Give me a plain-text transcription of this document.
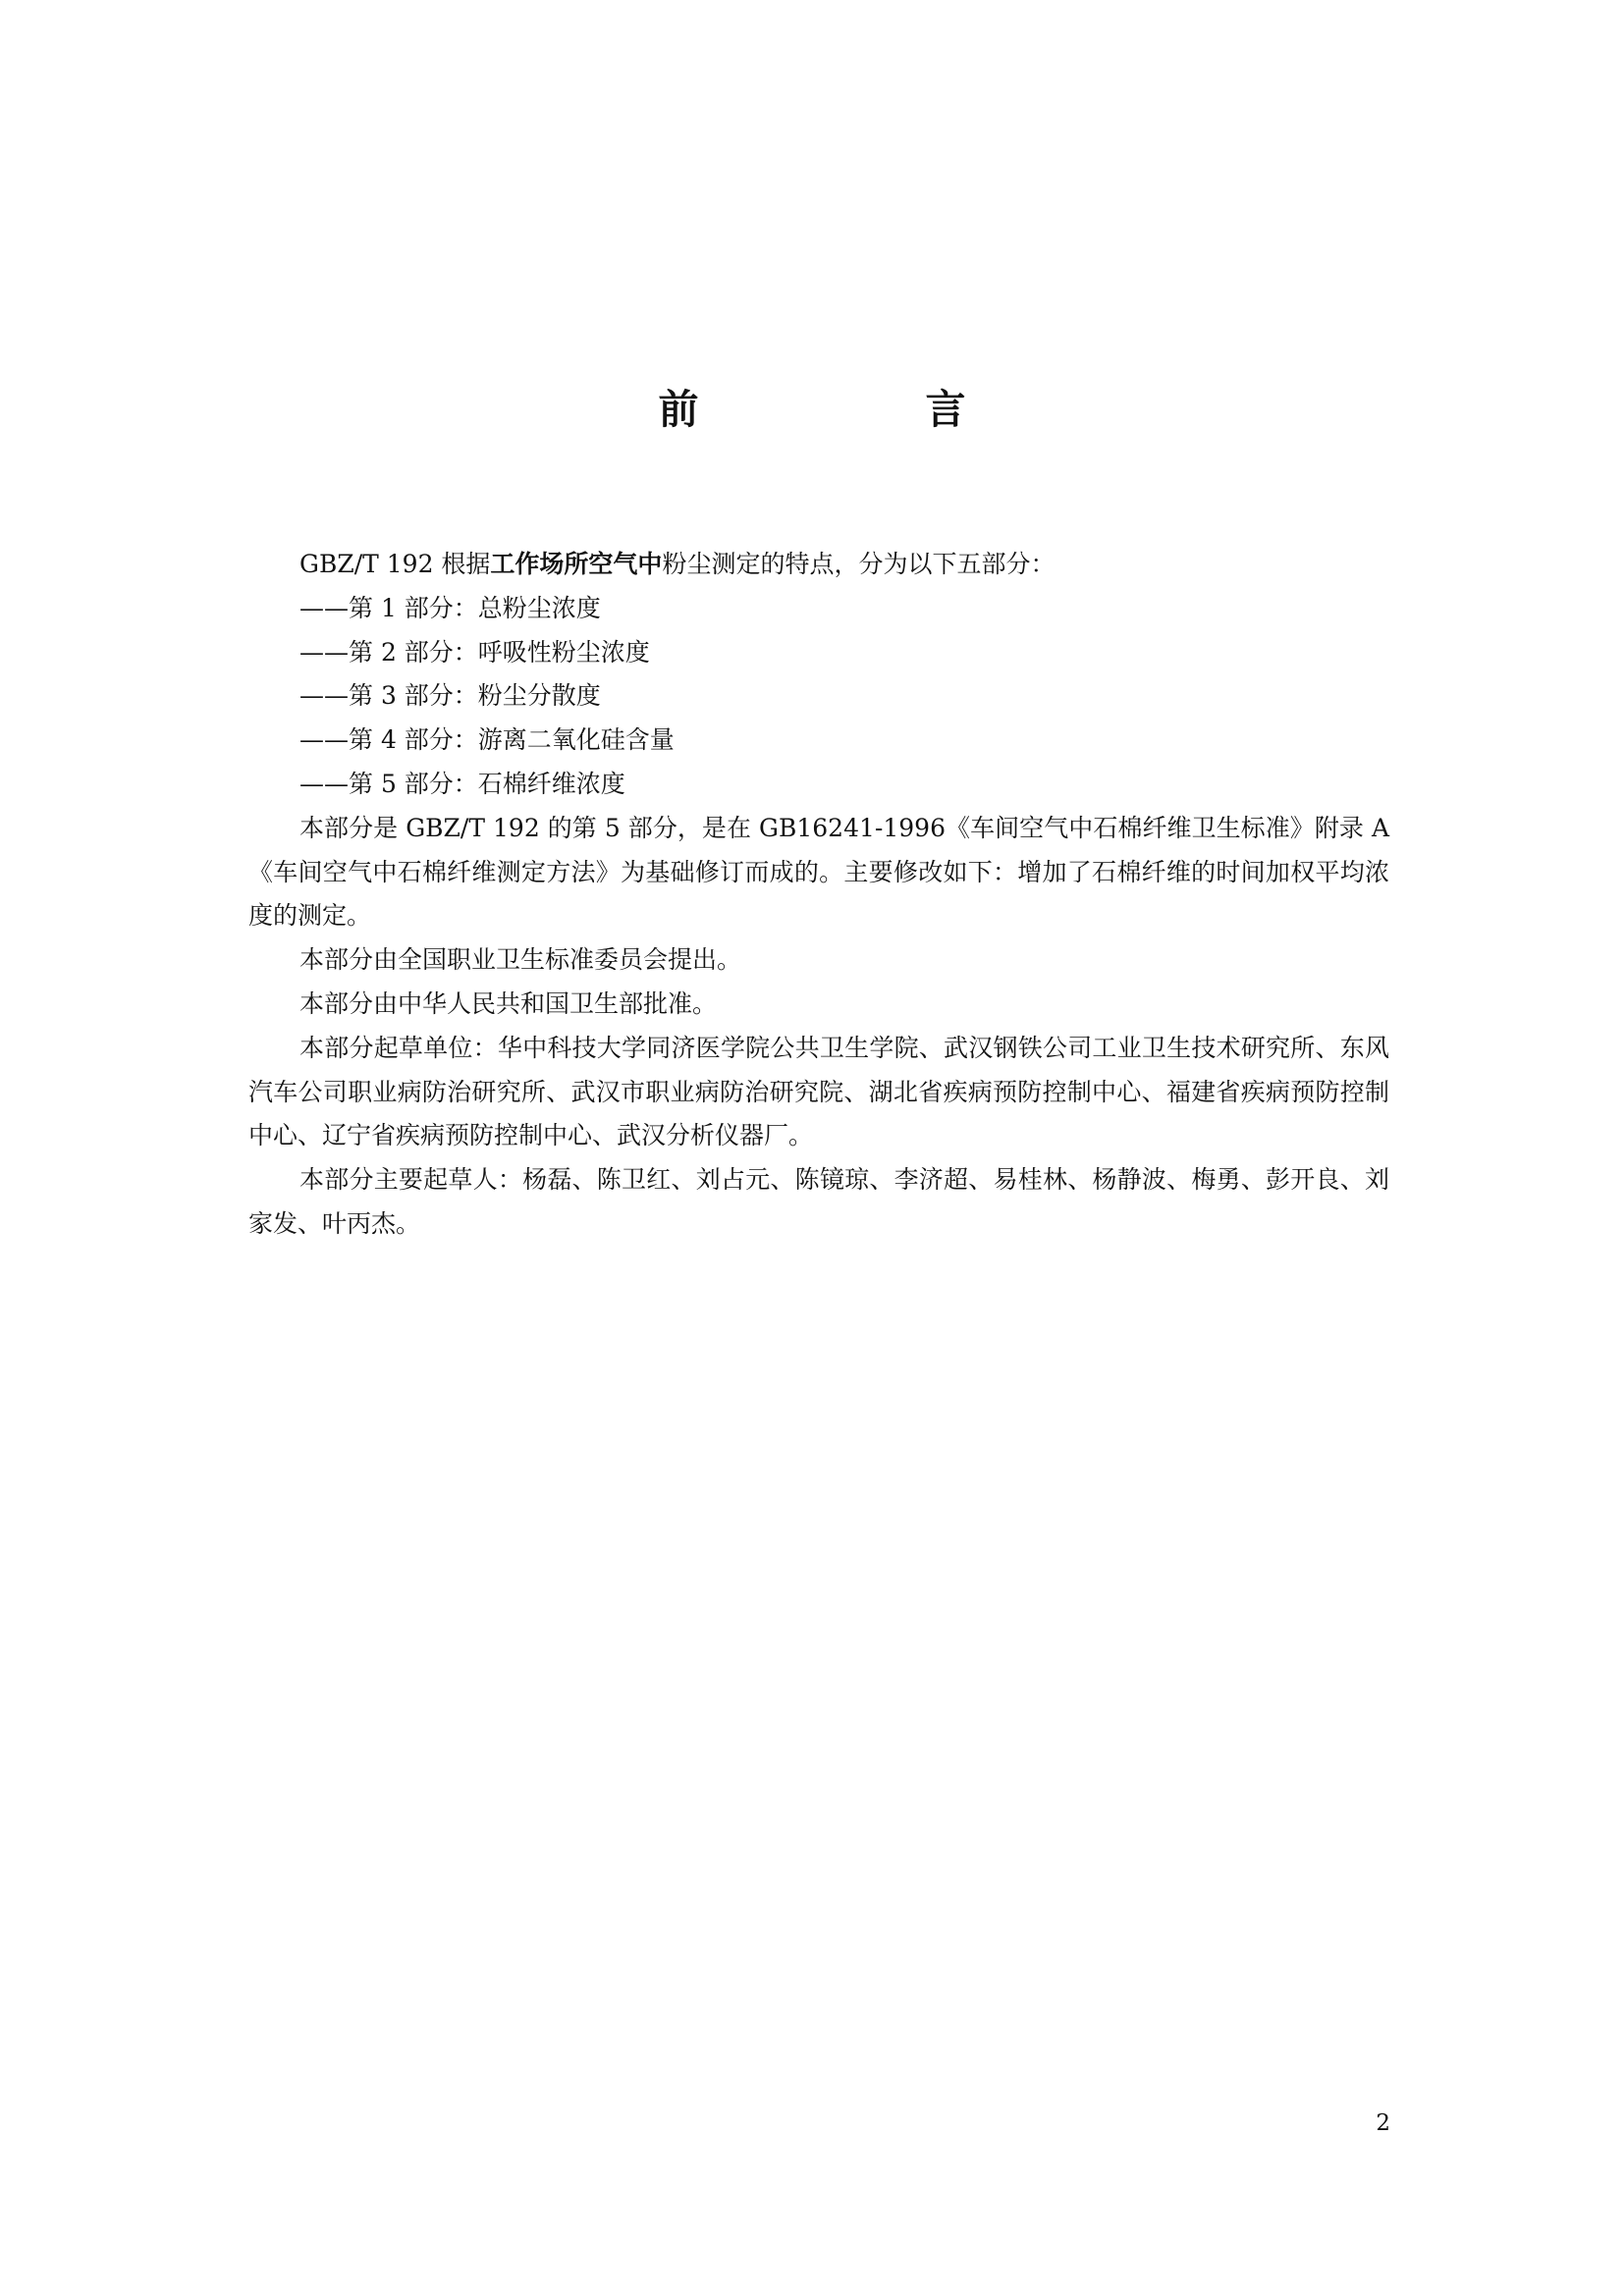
前　言

GBZ/T 192 根据工作场所空气中粉尘测定的特点，分为以下五部分：

——第 1 部分：总粉尘浓度

——第 2 部分：呼吸性粉尘浓度

——第 3 部分：粉尘分散度

——第 4 部分：游离二氧化硅含量

——第 5 部分：石棉纤维浓度

本部分是 GBZ/T 192 的第 5 部分，是在 GB16241-1996《车间空气中石棉纤维卫生标准》附录 A《车间空气中石棉纤维测定方法》为基础修订而成的。主要修改如下：增加了石棉纤维的时间加权平均浓度的测定。

本部分由全国职业卫生标准委员会提出。

本部分由中华人民共和国卫生部批准。

本部分起草单位：华中科技大学同济医学院公共卫生学院、武汉钢铁公司工业卫生技术研究所、东风汽车公司职业病防治研究所、武汉市职业病防治研究院、湖北省疾病预防控制中心、福建省疾病预防控制中心、辽宁省疾病预防控制中心、武汉分析仪器厂。

本部分主要起草人：杨磊、陈卫红、刘占元、陈镜琼、李济超、易桂林、杨静波、梅勇、彭开良、刘家发、叶丙杰。

2
